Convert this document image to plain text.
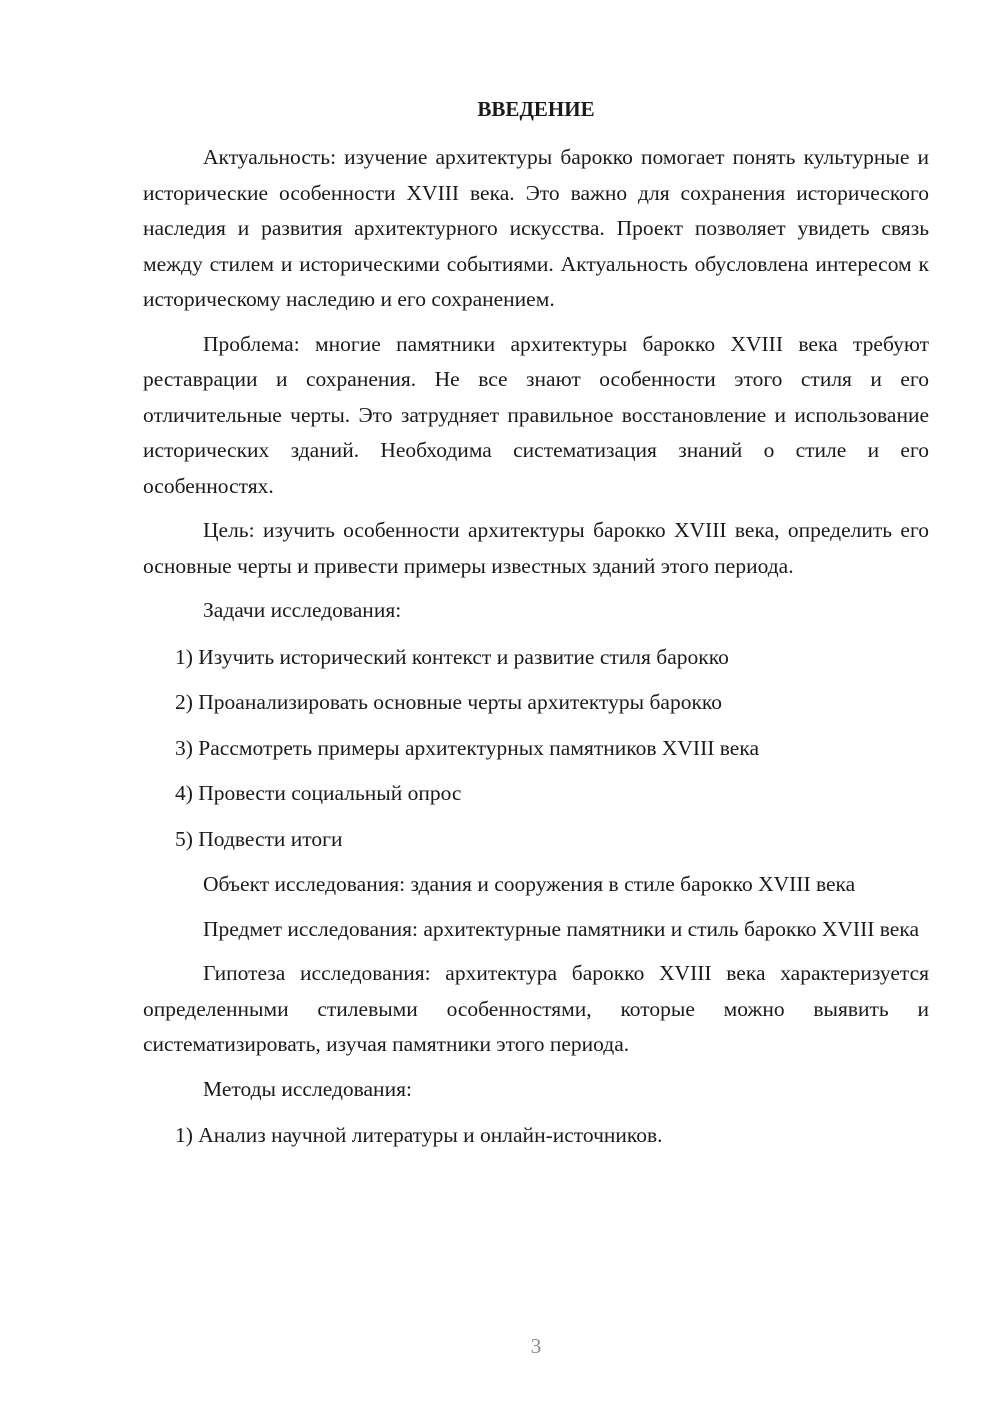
ВВЕДЕНИЕ

Актуальность: изучение архитектуры барокко помогает понять культурные и исторические особенности XVIII века. Это важно для сохранения исторического наследия и развития архитектурного искусства. Проект позволяет увидеть связь между стилем и историческими событиями. Актуальность обусловлена интересом к историческому наследию и его сохранением.

Проблема: многие памятники архитектуры барокко XVIII века требуют реставрации и сохранения. Не все знают особенности этого стиля и его отличительные черты. Это затрудняет правильное восстановление и использование исторических зданий. Необходима систематизация знаний о стиле и его особенностях.

Цель: изучить особенности архитектуры барокко XVIII века, определить его основные черты и привести примеры известных зданий этого периода.

Задачи исследования:

1) Изучить исторический контекст и развитие стиля барокко
2) Проанализировать основные черты архитектуры барокко
3) Рассмотреть примеры архитектурных памятников XVIII века
4) Провести социальный опрос
5) Подвести итоги

Объект исследования: здания и сооружения в стиле барокко XVIII века

Предмет исследования: архитектурные памятники и стиль барокко XVIII века

Гипотеза исследования: архитектура барокко XVIII века характеризуется определенными стилевыми особенностями, которые можно выявить и систематизировать, изучая памятники этого периода.

Методы исследования:

1) Анализ научной литературы и онлайн-источников.
3
